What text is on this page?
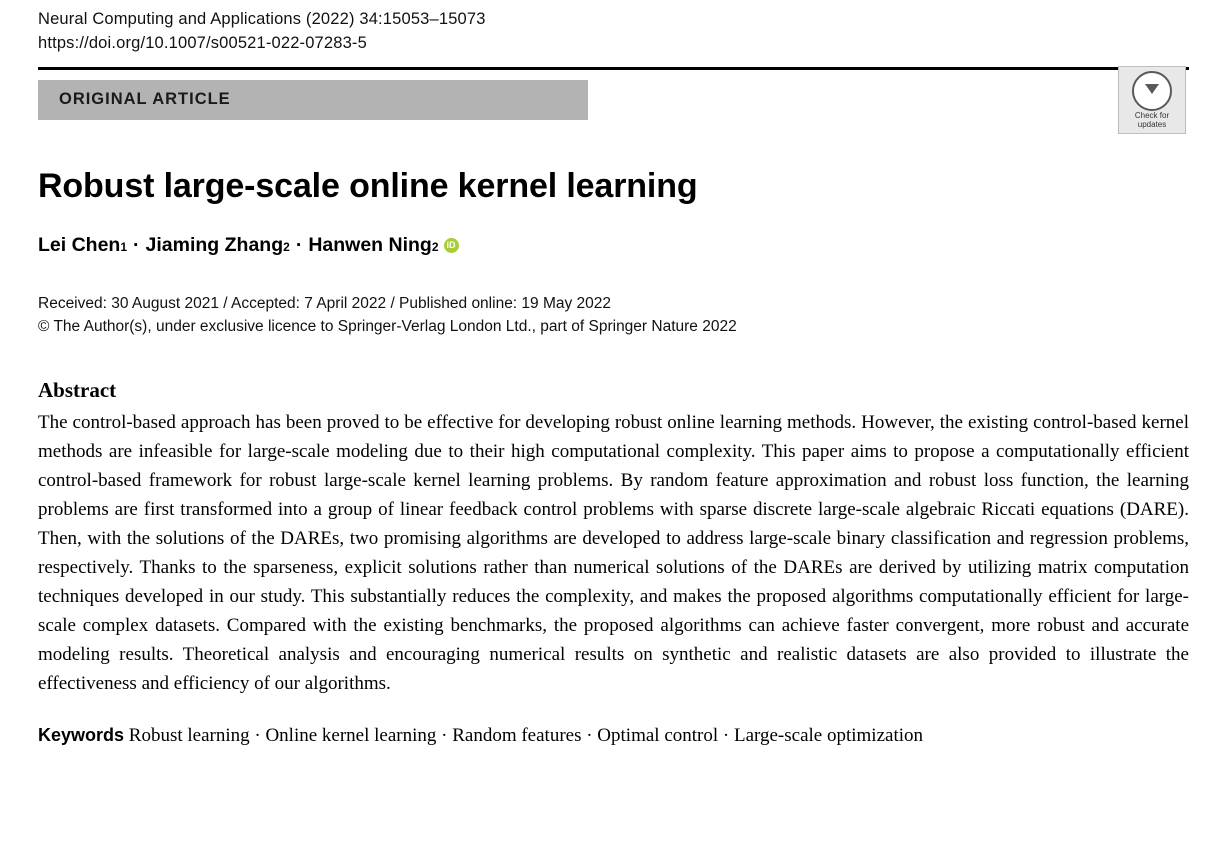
Neural Computing and Applications (2022) 34:15053–15073
https://doi.org/10.1007/s00521-022-07283-5
ORIGINAL ARTICLE
Check for
updates
Robust large-scale online kernel learning
Lei Chen 1 · Jiaming Zhang 2 · Hanwen Ning 2
iD
Received: 30 August 2021 / Accepted: 7 April 2022 / Published online: 19 May 2022
© The Author(s), under exclusive licence to Springer-Verlag London Ltd., part of Springer Nature 2022
Abstract
The control-based approach has been proved to be effective for developing robust online learning methods. However, the existing control-based kernel methods are infeasible for large-scale modeling due to their high computational complexity. This paper aims to propose a computationally efficient control-based framework for robust large-scale kernel learning problems. By random feature approximation and robust loss function, the learning problems are first transformed into a group of linear feedback control problems with sparse discrete large-scale algebraic Riccati equations (DARE). Then, with the solutions of the DAREs, two promising algorithms are developed to address large-scale binary classification and regression problems, respectively. Thanks to the sparseness, explicit solutions rather than numerical solutions of the DAREs are derived by utilizing matrix computation techniques developed in our study. This substantially reduces the complexity, and makes the proposed algorithms computationally efficient for large-scale complex datasets. Compared with the existing benchmarks, the proposed algorithms can achieve faster convergent, more robust and accurate modeling results. Theoretical analysis and encouraging numerical results on synthetic and realistic datasets are also provided to illustrate the effectiveness and efficiency of our algorithms.
Keywords Robust learning · Online kernel learning · Random features · Optimal control · Large-scale optimization
